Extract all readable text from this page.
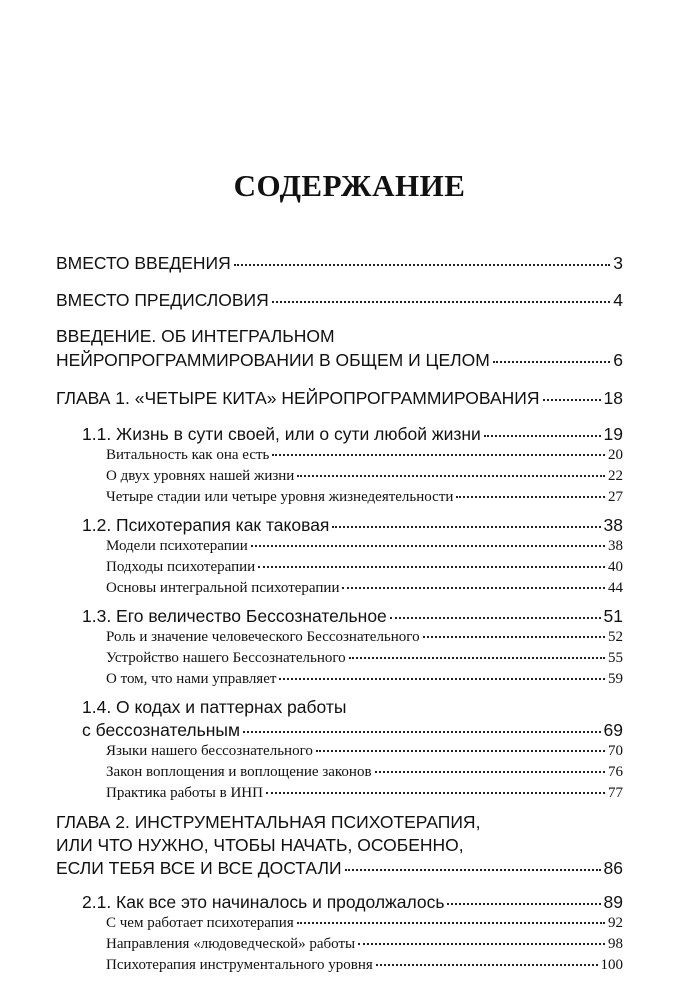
СОДЕРЖАНИЕ
ВМЕСТО ВВЕДЕНИЯ	3
ВМЕСТО ПРЕДИСЛОВИЯ	4
ВВЕДЕНИЕ. ОБ ИНТЕГРАЛЬНОМ
НЕЙРОПРОГРАММИРОВАНИИ В ОБЩЕМ И ЦЕЛОМ	6
ГЛАВА 1. «ЧЕТЫРЕ КИТА» НЕЙРОПРОГРАММИРОВАНИЯ	18
1.1. Жизнь в сути своей, или о сути любой жизни	19
Витальность как она есть	20
О двух уровнях нашей жизни	22
Четыре стадии или четыре уровня жизнедеятельности	27
1.2. Психотерапия как таковая	38
Модели психотерапии	38
Подходы психотерапии	40
Основы интегральной психотерапии	44
1.3. Его величество Бессознательное	51
Роль и значение человеческого Бессознательного	52
Устройство нашего Бессознательного	55
О том, что нами управляет	59
1.4. О кодах и паттернах работы
с бессознательным	69
Языки нашего бессознательного	70
Закон воплощения и воплощение законов	76
Практика работы в ИНП	77
ГЛАВА 2. ИНСТРУМЕНТАЛЬНАЯ ПСИХОТЕРАПИЯ,
ИЛИ ЧТО НУЖНО, ЧТОБЫ НАЧАТЬ, ОСОБЕННО,
ЕСЛИ ТЕБЯ ВСЕ И ВСЕ ДОСТАЛИ	86
2.1. Как все это начиналось и продолжалось	89
С чем работает психотерапия	92
Направления «людоведческой» работы	98
Психотерапия инструментального уровня	100
